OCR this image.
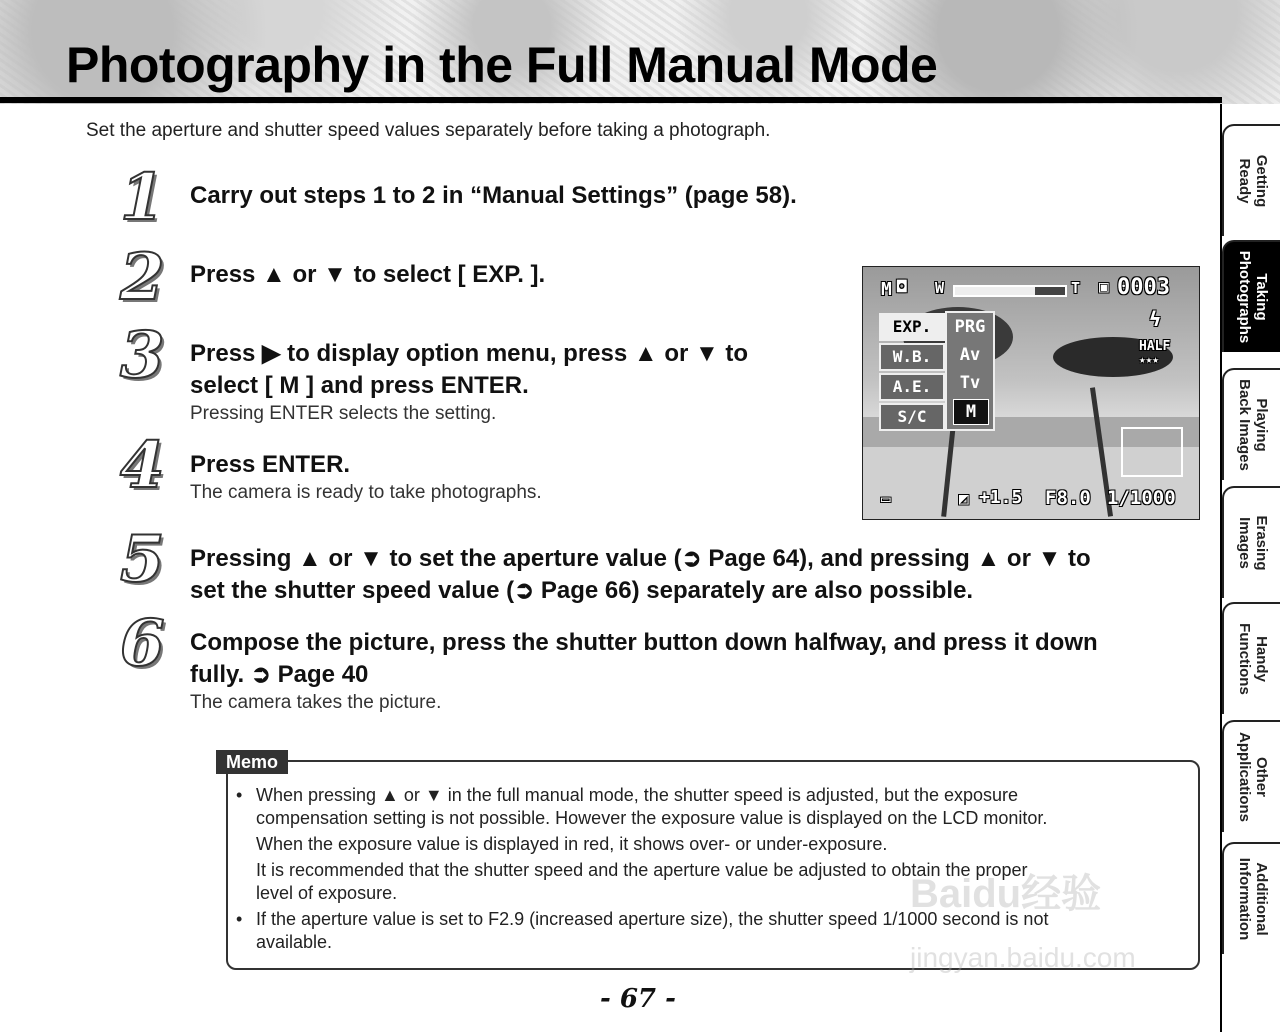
Photography in the Full Manual Mode
Set the aperture and shutter speed values separately before taking a photograph.
1	Carry out steps 1 to 2 in “Manual Settings” (page 58).
2	Press ▲ or ▼ to select [ EXP. ].
3	Press ▶ to display option menu, press ▲ or ▼ to
select [ M ] and press ENTER.
Pressing ENTER selects the setting.
4	Press ENTER.
The camera is ready to take photographs.
5	Pressing ▲ or ▼ to set the aperture value (➲ Page 64), and pressing ▲ or ▼ to
set the shutter speed value (➲ Page 66) separately are also possible.
6	Compose the picture, press the shutter button down halfway, and press it down
fully. ➲ Page 40
The camera takes the picture.
M ◘ W	T ▣ 0003
ϟ
HALF
★★★
EXP.
W.B.
A.E.
S/C
PRG
Av
Tv
M
▭	◩ +1.5 F8.0 1/1000
Memo
• When pressing ▲ or ▼ in the full manual mode, the shutter speed is adjusted, but the exposure
compensation setting is not possible. However the exposure value is displayed on the LCD monitor.
When the exposure value is displayed in red, it shows over- or under-exposure.
It is recommended that the shutter speed and the aperture value be adjusted to obtain the proper
level of exposure.
• If the aperture value is set to F2.9 (increased aperture size), the shutter speed 1/1000 second is not
available.
- 67 -
Getting
Ready
Taking
Photographs
Playing
Back Images
Erasing
Images
Handy
Functions
Other
Applications
Additional
Information
Baidu经验
jingyan.baidu.com
